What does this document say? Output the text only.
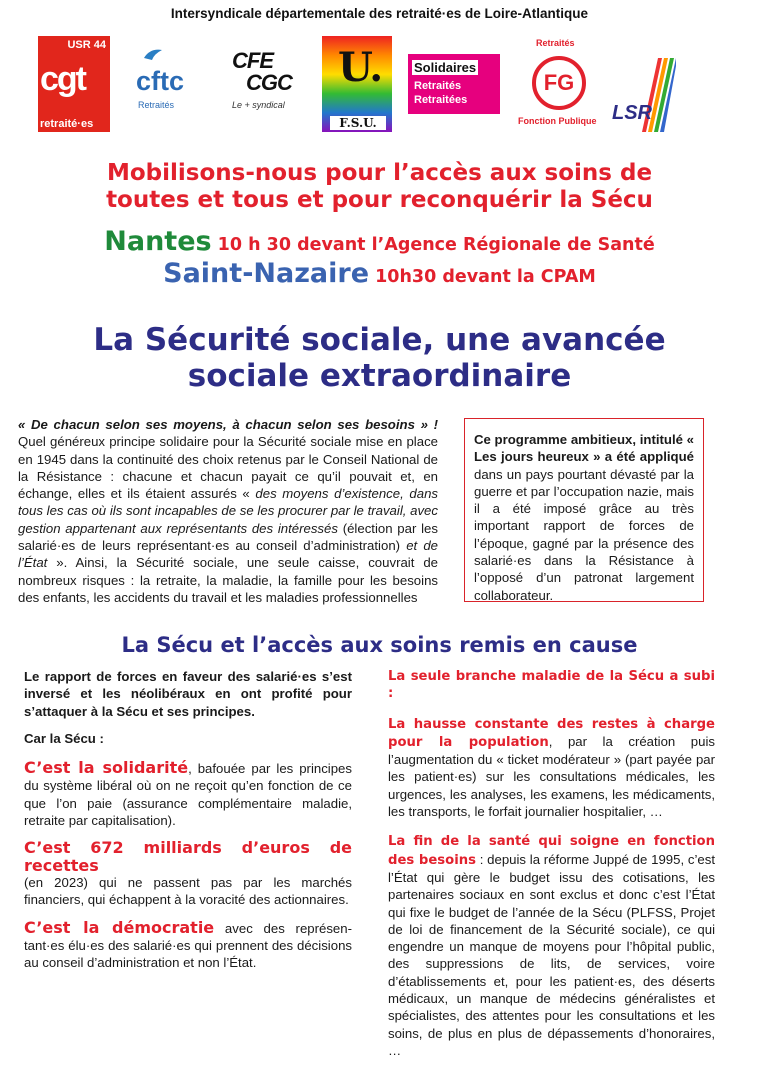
Intersyndicale départementale des retraité·es de Loire-Atlantique
USR 44
cgt
retraité·es
cftc
Retraités
CFE
CGC
Le + syndical
U.
F.S.U.
Solidaires
Retraités
Retraitées
Retraités
FG
Fonction Publique LSR
Mobilisons-nous pour l’accès aux soins de
toutes et tous et pour reconquérir la Sécu
Nantes 10 h 30 devant l’Agence Régionale de Santé
Saint-Nazaire 10h30 devant la CPAM
La Sécurité sociale, une avancée
sociale extraordinaire
« De chacun selon ses moyens, à chacun selon ses besoins » ! Quel généreux principe solidaire pour la Sécurité sociale mise en place en 1945 dans la continuité des choix retenus par le Conseil National de la Résistance : chacune et chacun payait ce qu’il pouvait et, en échange, elles et ils étaient assurés « des moyens d’existence, dans tous les cas où ils sont incapables de se les procurer par le travail, avec gestion appartenant aux représentants des intéressés (élection par les salarié·es de leurs représentant·es au conseil d’administration) et de l’État ». Ainsi, la Sécurité sociale, une seule caisse, couvrait de nombreux risques : la retraite, la maladie, la famille pour les besoins des enfants, les accidents du travail et les maladies professionnelles
Ce programme ambitieux, intitulé « Les jours heureux » a été appliqué dans un pays pourtant dévasté par la guerre et par l’occupation nazie, mais il a été imposé grâce au très important rapport de forces de l’époque, gagné par la présence des salarié·es dans la Résistance à l’opposé d’un patronat largement collaborateur.
La Sécu et l’accès aux soins remis en cause
Le rapport de forces en faveur des salarié·es s’est inversé et les néolibéraux en ont profité pour s’attaquer à la Sécu et ses principes.
Car la Sécu :
C’est la solidarité, bafouée par les principes du système libéral où on ne reçoit qu’en fonction de ce que l’on paie (assurance complémentaire maladie, retraite par capitalisation).
C’est 672 milliards d’euros de recettes
(en 2023) qui ne passent pas par les marchés financiers, qui échappent à la voracité des actionnaires.
C’est la démocratie avec des représen-tant·es élu·es des salarié·es qui prennent des décisions au conseil d’administration et non l’État.
La seule branche maladie de la Sécu a subi :
La hausse constante des restes à charge pour la population, par la création puis l’augmentation du « ticket modérateur » (part payée par les patient·es) sur les consultations médicales, les urgences, les analyses, les examens, les médicaments, les transports, le forfait journalier hospitalier, …
La fin de la santé qui soigne en fonction des besoins : depuis la réforme Juppé de 1995, c’est l’État qui gère le budget issu des cotisations, les partenaires sociaux en sont exclus et donc c’est l’État qui fixe le budget de l’année de la Sécu (PLFSS, Projet de loi de financement de la Sécurité sociale), ce qui engendre un manque de moyens pour l’hôpital public, des suppressions de lits, de services, voire d’établissements et, pour les patient·es, des déserts médicaux, un manque de médecins généralistes et spécialistes, des attentes pour les consultations et les soins, de plus en plus de dépassements d’honoraires, …
